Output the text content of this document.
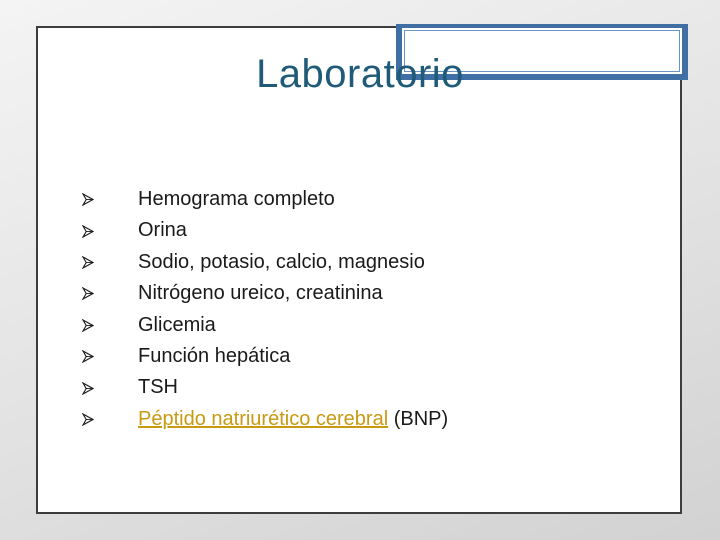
Laboratorio
Hemograma completo
Orina
Sodio, potasio, calcio, magnesio
Nitrógeno ureico, creatinina
Glicemia
Función hepática
TSH
Péptido natriurético cerebral (BNP)
